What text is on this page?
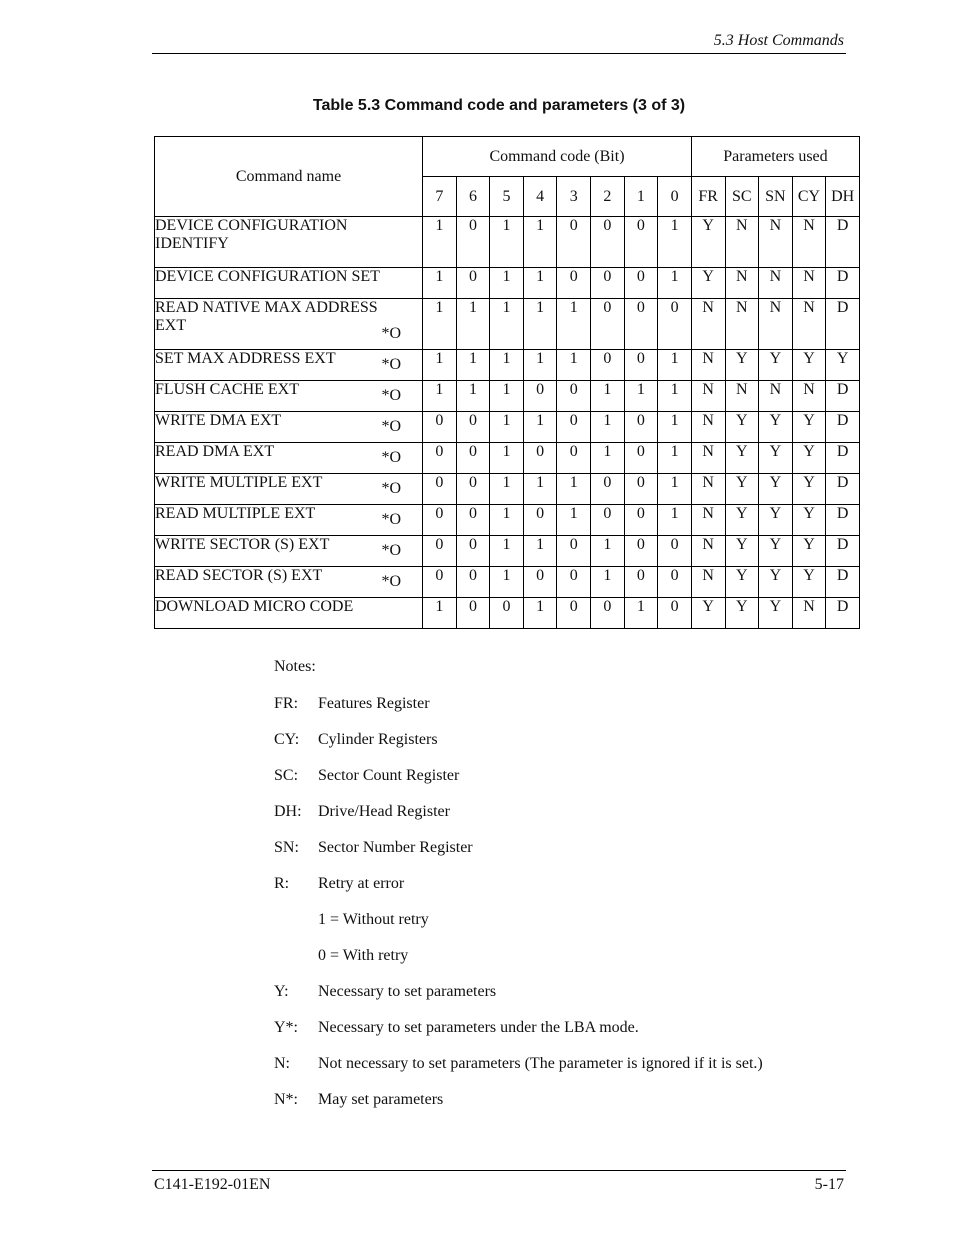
5.3 Host Commands
Table 5.3 Command code and parameters (3 of 3)
Command name	Command code (Bit)								Parameters used				
	7	6	5	4	3	2	1	0	FR	SC	SN	CY	DH
DEVICE CONFIGURATION IDENTIFY	1	0	1	1	0	0	0	1	Y	N	N	N	D
DEVICE CONFIGURATION SET	1	0	1	1	0	0	0	1	Y	N	N	N	D
READ NATIVE MAX ADDRESS EXT *O	1	1	1	1	1	0	0	0	N	N	N	N	D
SET MAX ADDRESS EXT *O	1	1	1	1	1	0	0	1	N	Y	Y	Y	Y
FLUSH CACHE EXT *O	1	1	1	0	0	1	1	1	N	N	N	N	D
WRITE DMA EXT *O	0	0	1	1	0	1	0	1	N	Y	Y	Y	D
READ DMA EXT *O	0	0	1	0	0	1	0	1	N	Y	Y	Y	D
WRITE MULTIPLE EXT *O	0	0	1	1	1	0	0	1	N	Y	Y	Y	D
READ MULTIPLE EXT *O	0	0	1	0	1	0	0	1	N	Y	Y	Y	D
WRITE SECTOR (S) EXT *O	0	0	1	1	0	1	0	0	N	Y	Y	Y	D
READ SECTOR (S) EXT *O	0	0	1	0	0	1	0	0	N	Y	Y	Y	D
DOWNLOAD MICRO CODE	1	0	0	1	0	0	1	0	Y	Y	Y	N	D
Notes:
FR: Features Register
CY: Cylinder Registers
SC: Sector Count Register
DH: Drive/Head Register
SN: Sector Number Register
R: Retry at error
1 = Without retry
0 = With retry
Y: Necessary to set parameters
Y*: Necessary to set parameters under the LBA mode.
N: Not necessary to set parameters (The parameter is ignored if it is set.)
N*: May set parameters
C141-E192-01EN	5-17
